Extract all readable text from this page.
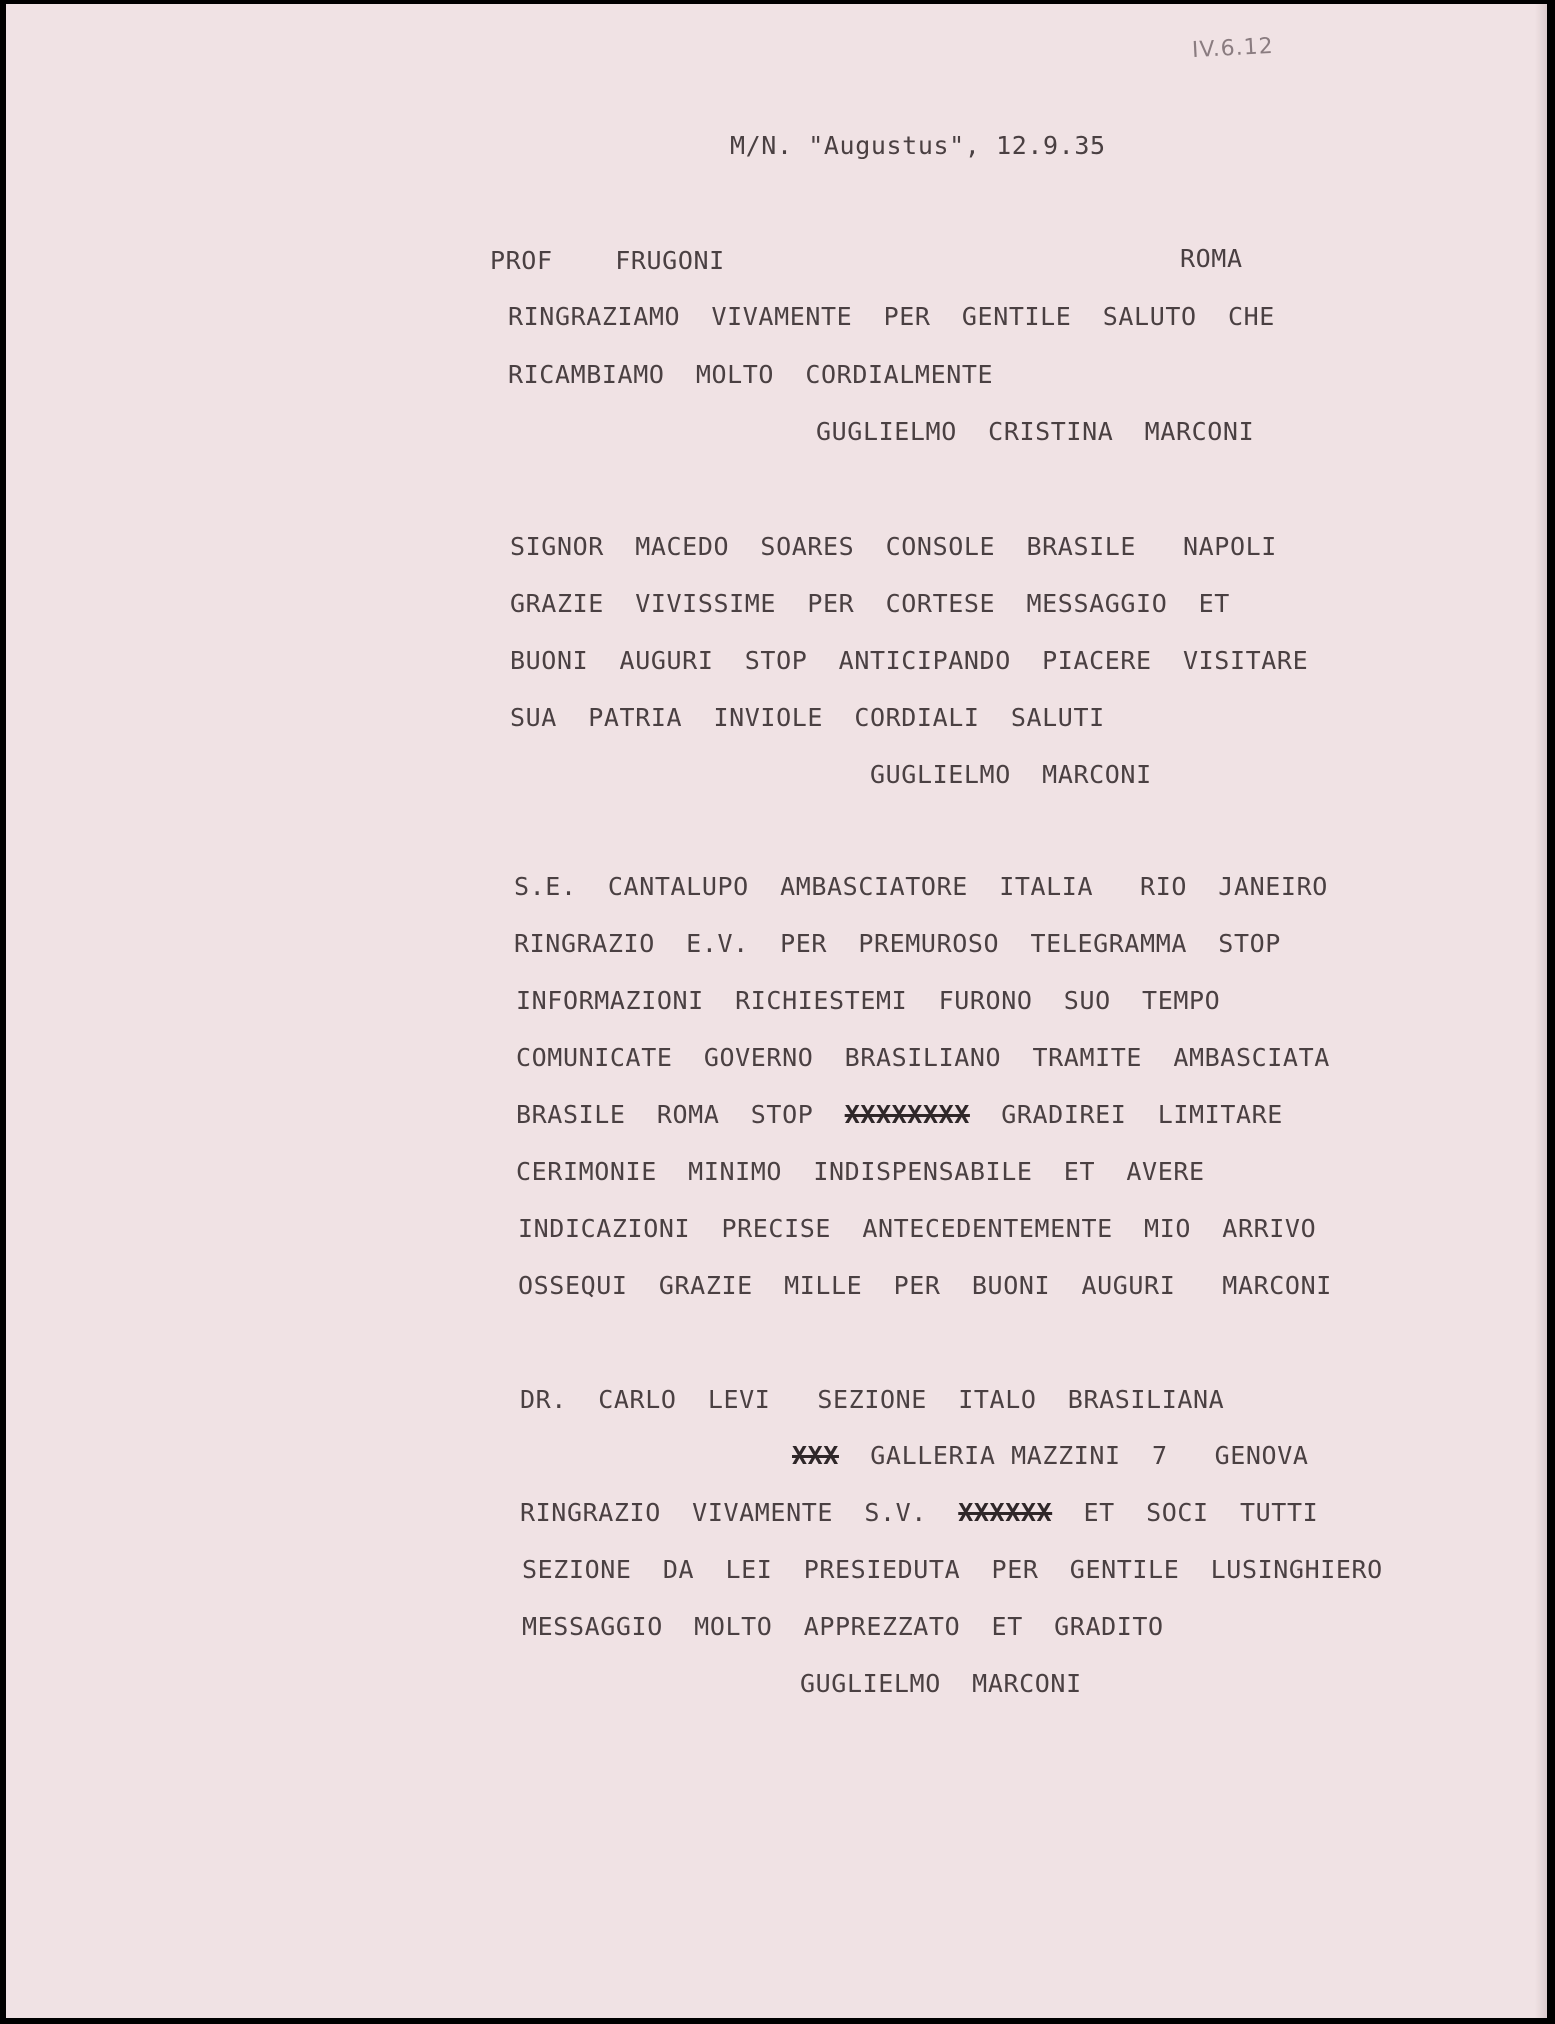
IV.6.12
M/N. "Augustus", 12.9.35
PROF    FRUGONI	ROMA
RINGRAZIAMO  VIVAMENTE  PER  GENTILE  SALUTO  CHE
RICAMBIAMO  MOLTO  CORDIALMENTE
GUGLIELMO  CRISTINA  MARCONI
SIGNOR  MACEDO  SOARES  CONSOLE  BRASILE   NAPOLI
GRAZIE  VIVISSIME  PER  CORTESE  MESSAGGIO  ET
BUONI  AUGURI  STOP  ANTICIPANDO  PIACERE  VISITARE
SUA  PATRIA  INVIOLE  CORDIALI  SALUTI
GUGLIELMO  MARCONI
S.E.  CANTALUPO  AMBASCIATORE  ITALIA   RIO  JANEIRO
RINGRAZIO  E.V.  PER  PREMUROSO  TELEGRAMMA  STOP
INFORMAZIONI  RICHIESTEMI  FURONO  SUO  TEMPO
COMUNICATE  GOVERNO  BRASILIANO  TRAMITE  AMBASCIATA
BRASILE  ROMA  STOP  XXXXXXXX  GRADIREI  LIMITARE
CERIMONIE  MINIMO  INDISPENSABILE  ET  AVERE
INDICAZIONI  PRECISE  ANTECEDENTEMENTE  MIO  ARRIVO
OSSEQUI  GRAZIE  MILLE  PER  BUONI  AUGURI   MARCONI
DR.  CARLO  LEVI   SEZIONE  ITALO  BRASILIANA
XXX  GALLERIA MAZZINI  7   GENOVA
RINGRAZIO  VIVAMENTE  S.V.  XXXXXX  ET  SOCI  TUTTI
SEZIONE  DA  LEI  PRESIEDUTA  PER  GENTILE  LUSINGHIERO
MESSAGGIO  MOLTO  APPREZZATO  ET  GRADITO
GUGLIELMO  MARCONI
